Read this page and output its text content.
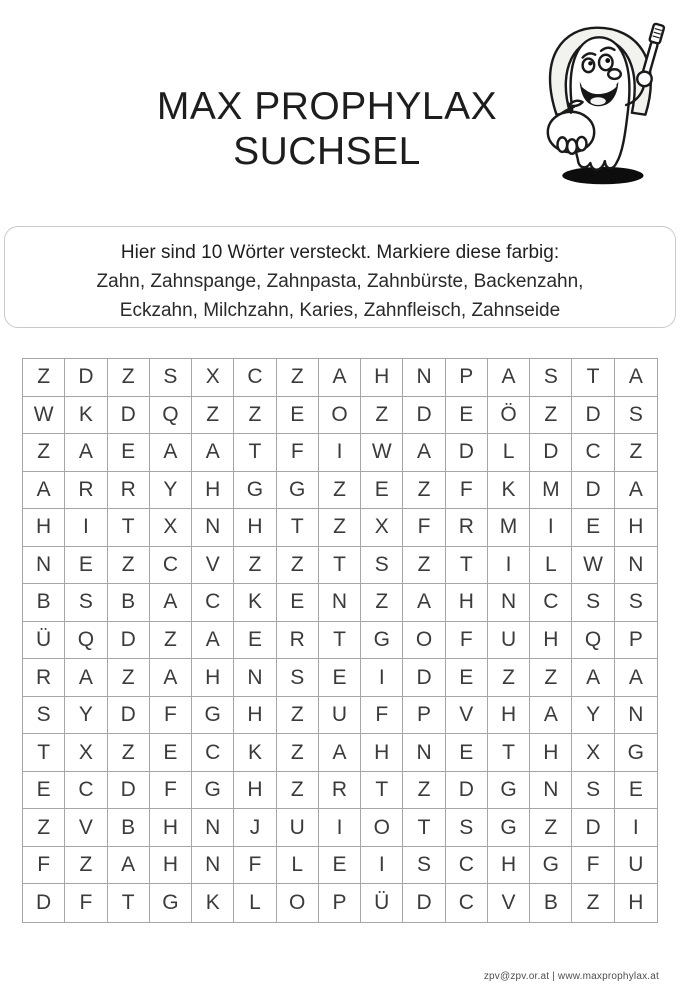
MAX PROPHYLAX
SUCHSEL
Hier sind 10 Wörter versteckt. Markiere diese farbig:
Zahn, Zahnspange, Zahnpasta, Zahnbürste, Backenzahn,
Eckzahn, Milchzahn, Karies, Zahnfleisch, Zahnseide
Z	D	Z	S	X	C	Z	A	H	N	P	A	S	T	A
W	K	D	Q	Z	Z	E	O	Z	D	E	Ö	Z	D	S
Z	A	E	A	A	T	F	I	W	A	D	L	D	C	Z
A	R	R	Y	H	G	G	Z	E	Z	F	K	M	D	A
H	I	T	X	N	H	T	Z	X	F	R	M	I	E	H
N	E	Z	C	V	Z	Z	T	S	Z	T	I	L	W	N
B	S	B	A	C	K	E	N	Z	A	H	N	C	S	S
Ü	Q	D	Z	A	E	R	T	G	O	F	U	H	Q	P
R	A	Z	A	H	N	S	E	I	D	E	Z	Z	A	A
S	Y	D	F	G	H	Z	U	F	P	V	H	A	Y	N
T	X	Z	E	C	K	Z	A	H	N	E	T	H	X	G
E	C	D	F	G	H	Z	R	T	Z	D	G	N	S	E
Z	V	B	H	N	J	U	I	O	T	S	G	Z	D	I
F	Z	A	H	N	F	L	E	I	S	C	H	G	F	U
D	F	T	G	K	L	O	P	Ü	D	C	V	B	Z	H
zpv@zpv.or.at | www.maxprophylax.at
